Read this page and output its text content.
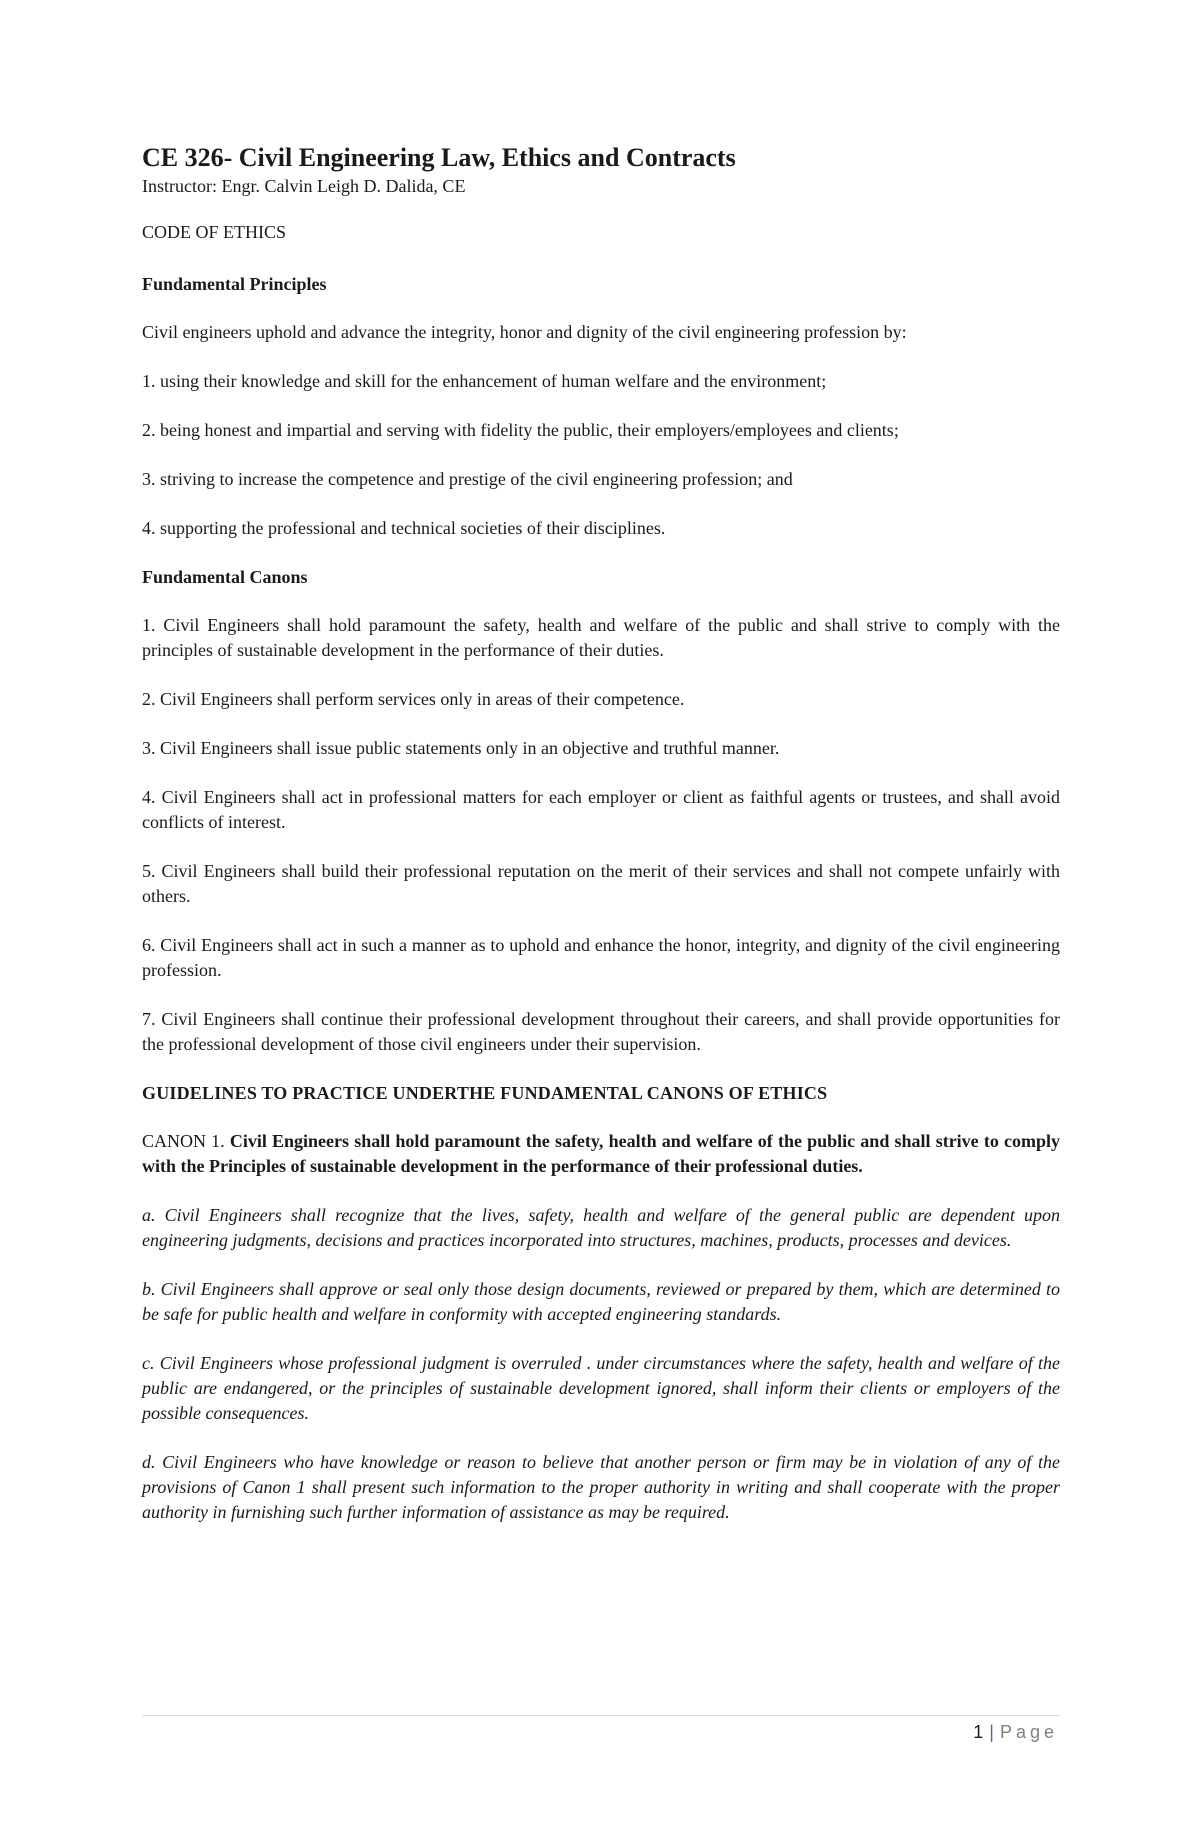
CE 326- Civil Engineering Law, Ethics and Contracts
Instructor: Engr. Calvin Leigh D. Dalida, CE
CODE OF ETHICS
Fundamental Principles

Civil engineers uphold and advance the integrity, honor and dignity of the civil engineering profession by:

1. using their knowledge and skill for the enhancement of human welfare and the environment;

2. being honest and impartial and serving with fidelity the public, their employers/employees and clients;

3. striving to increase the competence and prestige of the civil engineering profession; and

4. supporting the professional and technical societies of their disciplines.

Fundamental Canons

1. Civil Engineers shall hold paramount the safety, health and welfare of the public and shall strive to comply with the principles of sustainable development in the performance of their duties.

2. Civil Engineers shall perform services only in areas of their competence.

3. Civil Engineers shall issue public statements only in an objective and truthful manner.

4. Civil Engineers shall act in professional matters for each employer or client as faithful agents or trustees, and shall avoid conflicts of interest.

5. Civil Engineers shall build their professional reputation on the merit of their services and shall not compete unfairly with others.

6. Civil Engineers shall act in such a manner as to uphold and enhance the honor, integrity, and dignity of the civil engineering profession.

7. Civil Engineers shall continue their professional development throughout their careers, and shall provide opportunities for the professional development of those civil engineers under their supervision.

GUIDELINES TO PRACTICE UNDERTHE FUNDAMENTAL CANONS OF ETHICS
CANON 1. Civil Engineers shall hold paramount the safety, health and welfare of the public and shall strive to comply with the Principles of sustainable development in the performance of their professional duties.

a. Civil Engineers shall recognize that the lives, safety, health and welfare of the general public are dependent upon engineering judgments, decisions and practices incorporated into structures, machines, products, processes and devices.

b. Civil Engineers shall approve or seal only those design documents, reviewed or prepared by them, which are determined to be safe for public health and welfare in conformity with accepted engineering standards.

c. Civil Engineers whose professional judgment is overruled . under circumstances where the safety, health and welfare of the public are endangered, or the principles of sustainable development ignored, shall inform their clients or employers of the possible consequences.

d. Civil Engineers who have knowledge or reason to believe that another person or firm may be in violation of any of the provisions of Canon 1 shall present such information to the proper authority in writing and shall cooperate with the proper authority in furnishing such further information of assistance as may be required.

1 | Page
